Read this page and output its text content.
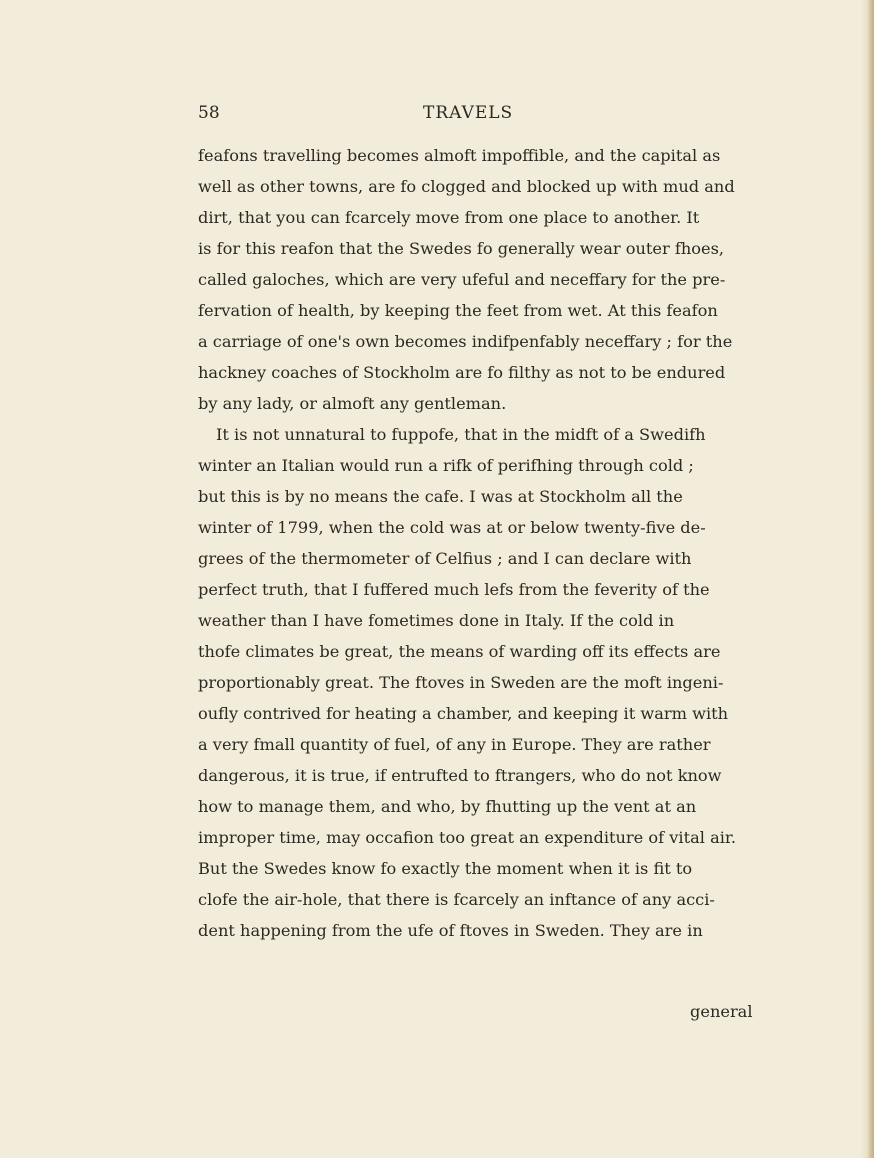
58	TRAVELS
feafons travelling becomes almoft impoffible, and the capital as
well as other towns, are fo clogged and blocked up with mud and
dirt, that you can fcarcely move from one place to another. It
is for this reafon that the Swedes fo generally wear outer fhoes,
called galoches, which are very ufeful and neceffary for the pre-
fervation of health, by keeping the feet from wet. At this feafon
a carriage of one's own becomes indifpenfably neceffary ; for the
hackney coaches of Stockholm are fo filthy as not to be endured
by any lady, or almoft any gentleman.
It is not unnatural to fuppofe, that in the midft of a Swedifh
winter an Italian would run a rifk of perifhing through cold ;
but this is by no means the cafe. I was at Stockholm all the
winter of 1799, when the cold was at or below twenty-five de-
grees of the thermometer of Celfius ; and I can declare with
perfect truth, that I fuffered much lefs from the feverity of the
weather than I have fometimes done in Italy. If the cold in
thofe climates be great, the means of warding off its effects are
proportionably great. The ftoves in Sweden are the moft ingeni-
oufly contrived for heating a chamber, and keeping it warm with
a very fmall quantity of fuel, of any in Europe. They are rather
dangerous, it is true, if entrufted to ftrangers, who do not know
how to manage them, and who, by fhutting up the vent at an
improper time, may occafion too great an expenditure of vital air.
But the Swedes know fo exactly the moment when it is fit to
clofe the air-hole, that there is fcarcely an inftance of any acci-
dent happening from the ufe of ftoves in Sweden. They are in
general
